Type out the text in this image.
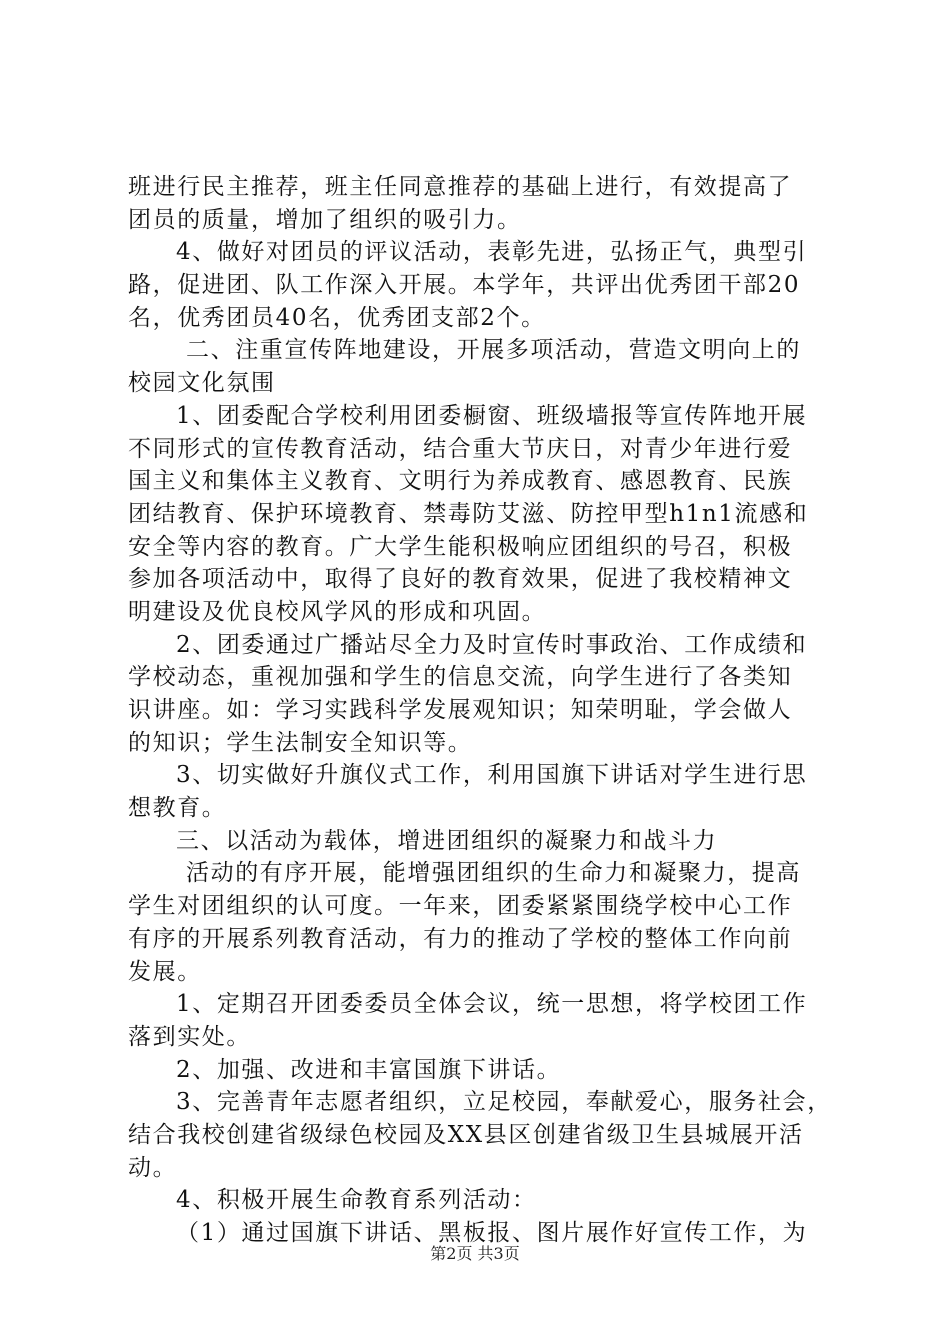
班进行民主推荐，班主任同意推荐的基础上进行，有效提高了
团员的质量，增加了组织的吸引力。
4、做好对团员的评议活动，表彰先进，弘扬正气，典型引
路，促进团、队工作深入开展。本学年，共评出优秀团干部20
名，优秀团员40名，优秀团支部2个。
二、注重宣传阵地建设，开展多项活动，营造文明向上的
校园文化氛围
1、团委配合学校利用团委橱窗、班级墙报等宣传阵地开展
不同形式的宣传教育活动，结合重大节庆日，对青少年进行爱
国主义和集体主义教育、文明行为养成教育、感恩教育、民族
团结教育、保护环境教育、禁毒防艾滋、防控甲型h1n1流感和
安全等内容的教育。广大学生能积极响应团组织的号召，积极
参加各项活动中，取得了良好的教育效果，促进了我校精神文
明建设及优良校风学风的形成和巩固。
2、团委通过广播站尽全力及时宣传时事政治、工作成绩和
学校动态，重视加强和学生的信息交流，向学生进行了各类知
识讲座。如：学习实践科学发展观知识；知荣明耻，学会做人
的知识；学生法制安全知识等。
3、切实做好升旗仪式工作，利用国旗下讲话对学生进行思
想教育。
三、以活动为载体，增进团组织的凝聚力和战斗力
活动的有序开展，能增强团组织的生命力和凝聚力，提高
学生对团组织的认可度。一年来，团委紧紧围绕学校中心工作
有序的开展系列教育活动，有力的推动了学校的整体工作向前
发展。
1、定期召开团委委员全体会议，统一思想，将学校团工作
落到实处。
2、加强、改进和丰富国旗下讲话。
3、完善青年志愿者组织，立足校园，奉献爱心，服务社会，
结合我校创建省级绿色校园及XX县区创建省级卫生县城展开活
动。
4、积极开展生命教育系列活动：
（1）通过国旗下讲话、黑板报、图片展作好宣传工作，为
第2页 共3页
